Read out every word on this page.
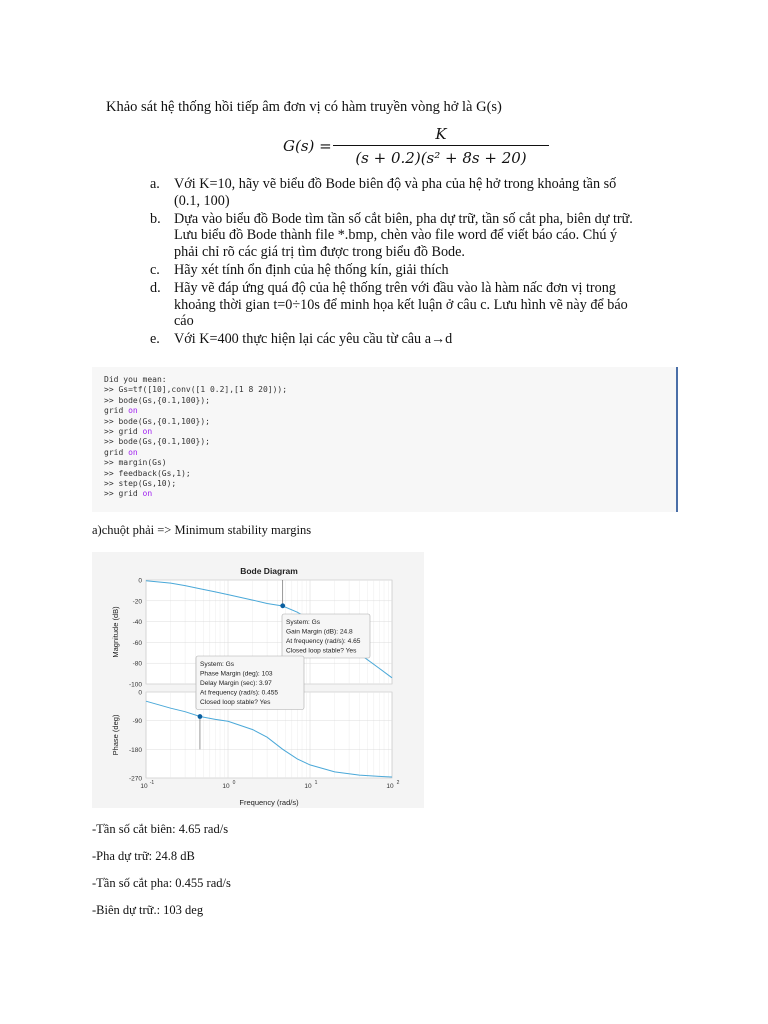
Khảo sát hệ thống hồi tiếp âm đơn vị có hàm truyền vòng hở là G(s)
G(s) =
K
(s + 0.2)(s² + 8s + 20)
a. Với K=10, hãy vẽ biểu đồ Bode biên độ và pha của hệ hở trong khoảng tần số (0.1, 100)
b. Dựa vào biểu đồ Bode tìm tần số cắt biên, pha dự trữ, tần số cắt pha, biên dự trữ. Lưu biểu đồ Bode thành file *.bmp, chèn vào file word để viết báo cáo. Chú ý phải chỉ rõ các giá trị tìm được trong biểu đồ Bode.
c. Hãy xét tính ổn định của hệ thống kín, giải thích
d. Hãy vẽ đáp ứng quá độ của hệ thống trên với đầu vào là hàm nấc đơn vị trong khoảng thời gian t=0÷10s để minh họa kết luận ở câu c. Lưu hình vẽ này để báo cáo
e. Với K=400 thực hiện lại các yêu cầu từ câu a→d
Did you mean:
>> Gs=tf([10],conv([1 0.2],[1 8 20]));
>> bode(Gs,{0.1,100});
grid on
>> bode(Gs,{0.1,100});
>> grid on
>> bode(Gs,{0.1,100});
grid on
>> margin(Gs)
>> feedback(Gs,1);
>> step(Gs,10);
>> grid on
a)chuột phải => Minimum stability margins
Bode Diagram
Magnitude (dB)
Phase (deg)
Frequency (rad/s)
0
-20
-40
-60
-80
-100
0
-90
-180
-270
10 -1	10 0	10 1	10 2
System: Gs
Gain Margin (dB): 24.8
At frequency (rad/s): 4.65
Closed loop stable? Yes
System: Gs
Phase Margin (deg): 103
Delay Margin (sec): 3.97
At frequency (rad/s): 0.455
Closed loop stable? Yes
-Tần số cắt biên: 4.65 rad/s
-Pha dự trữ: 24.8 dB
-Tần số cắt pha: 0.455 rad/s
-Biên dự trữ.: 103 deg
